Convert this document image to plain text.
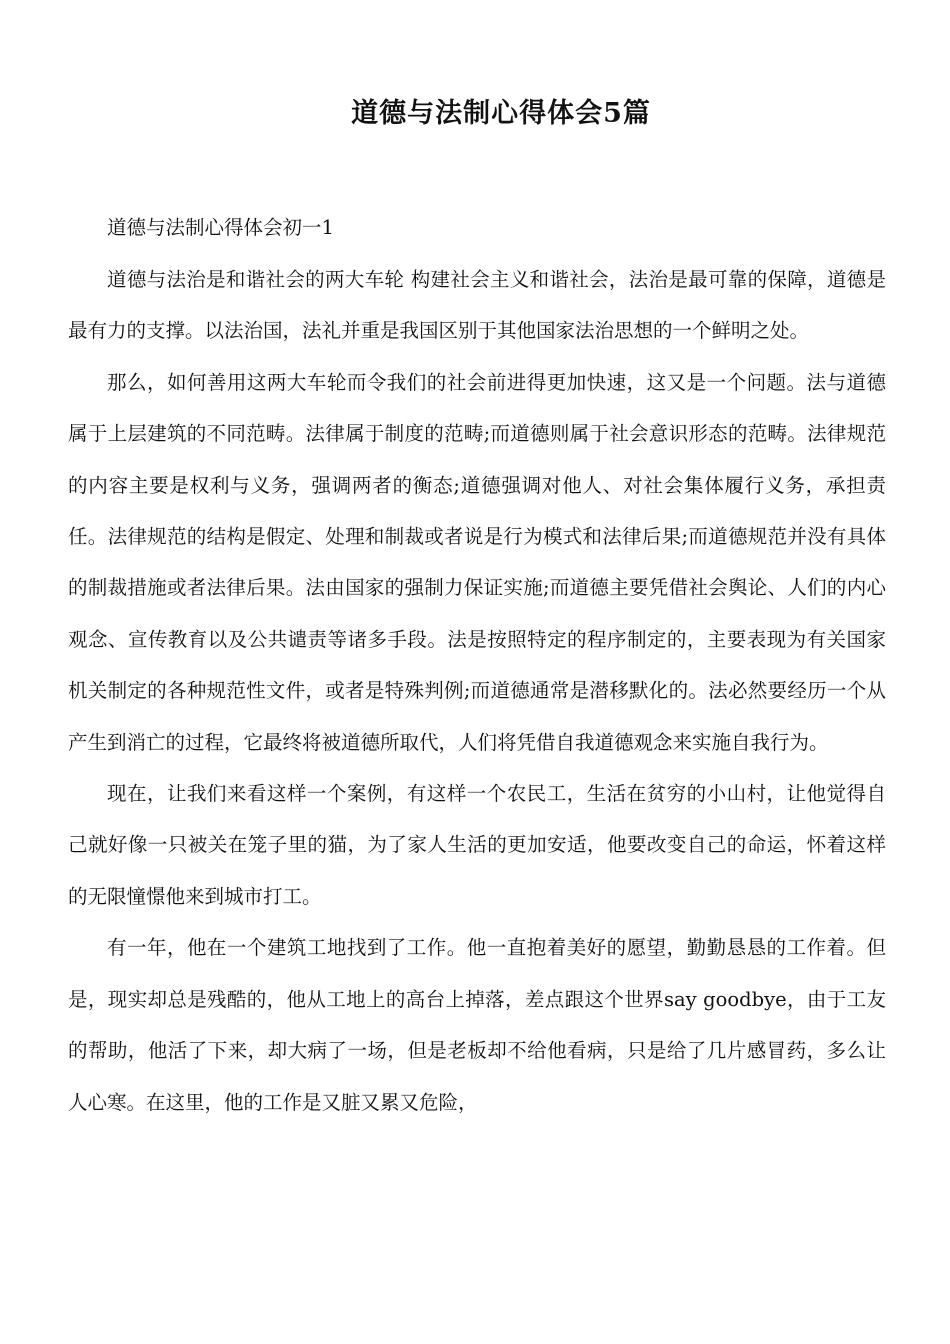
道德与法制心得体会5篇

道德与法制心得体会初一1

道德与法治是和谐社会的两大车轮 构建社会主义和谐社会，法治是最可靠的保障，道德是最有力的支撑。以法治国，法礼并重是我国区别于其他国家法治思想的一个鲜明之处。

那么，如何善用这两大车轮而令我们的社会前进得更加快速，这又是一个问题。法与道德属于上层建筑的不同范畴。法律属于制度的范畴;而道德则属于社会意识形态的范畴。法律规范的内容主要是权利与义务，强调两者的衡态;道德强调对他人、对社会集体履行义务，承担责任。法律规范的结构是假定、处理和制裁或者说是行为模式和法律后果;而道德规范并没有具体的制裁措施或者法律后果。法由国家的强制力保证实施;而道德主要凭借社会舆论、人们的内心观念、宣传教育以及公共谴责等诸多手段。法是按照特定的程序制定的，主要表现为有关国家机关制定的各种规范性文件，或者是特殊判例;而道德通常是潜移默化的。法必然要经历一个从产生到消亡的过程，它最终将被道德所取代，人们将凭借自我道德观念来实施自我行为。

现在，让我们来看这样一个案例，有这样一个农民工，生活在贫穷的小山村，让他觉得自己就好像一只被关在笼子里的猫，为了家人生活的更加安适，他要改变自己的命运，怀着这样的无限憧憬他来到城市打工。

有一年，他在一个建筑工地找到了工作。他一直抱着美好的愿望，勤勤恳恳的工作着。但是，现实却总是残酷的，他从工地上的高台上掉落，差点跟这个世界say goodbye，由于工友的帮助，他活了下来，却大病了一场，但是老板却不给他看病，只是给了几片感冒药，多么让人心寒。在这里，他的工作是又脏又累又危险，
